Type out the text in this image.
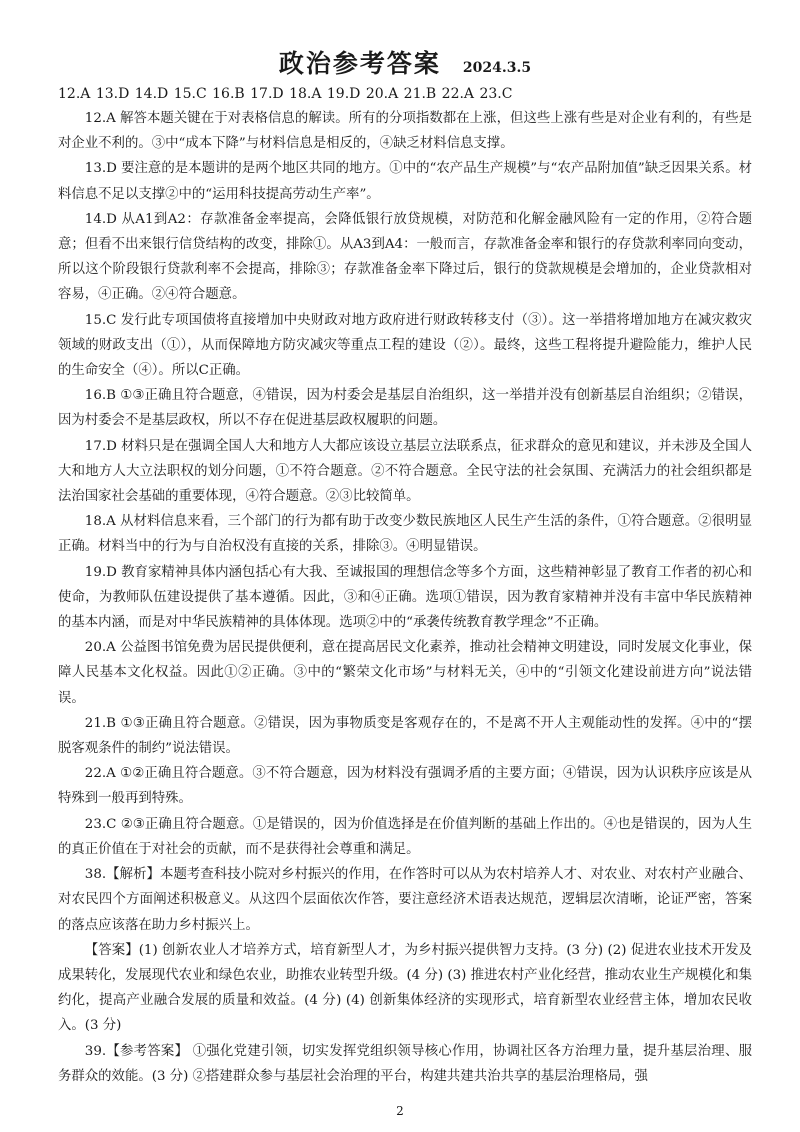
政治参考答案 2024.3.5

12.A 13.D 14.D 15.C 16.B 17.D 18.A 19.D 20.A 21.B 22.A 23.C

12.A 解答本题关键在于对表格信息的解读。所有的分项指数都在上涨，但这些上涨有些是对企业有利的，有些是对企业不利的。③中“成本下降”与材料信息是相反的，④缺乏材料信息支撑。

13.D 要注意的是本题讲的是两个地区共同的地方。①中的“农产品生产规模”与“农产品附加值”缺乏因果关系。材料信息不足以支撑②中的“运用科技提高劳动生产率”。

14.D 从A1到A2：存款准备金率提高，会降低银行放贷规模，对防范和化解金融风险有一定的作用，②符合题意；但看不出来银行信贷结构的改变，排除①。从A3到A4：一般而言，存款准备金率和银行的存贷款利率同向变动，所以这个阶段银行贷款利率不会提高，排除③；存款准备金率下降过后，银行的贷款规模是会增加的，企业贷款相对容易，④正确。②④符合题意。

15.C 发行此专项国债将直接增加中央财政对地方政府进行财政转移支付（③）。这一举措将增加地方在减灾救灾领域的财政支出（①），从而保障地方防灾减灾等重点工程的建设（②）。最终，这些工程将提升避险能力，维护人民的生命安全（④）。所以C正确。

16.B ①③正确且符合题意，④错误，因为村委会是基层自治组织，这一举措并没有创新基层自治组织；②错误，因为村委会不是基层政权，所以不存在促进基层政权履职的问题。

17.D 材料只是在强调全国人大和地方人大都应该设立基层立法联系点，征求群众的意见和建议，并未涉及全国人大和地方人大立法职权的划分问题，①不符合题意。②不符合题意。全民守法的社会氛围、充满活力的社会组织都是法治国家社会基础的重要体现，④符合题意。②③比较简单。

18.A 从材料信息来看，三个部门的行为都有助于改变少数民族地区人民生产生活的条件，①符合题意。②很明显正确。材料当中的行为与自治权没有直接的关系，排除③。④明显错误。

19.D 教育家精神具体内涵包括心有大我、至诚报国的理想信念等多个方面，这些精神彰显了教育工作者的初心和使命，为教师队伍建设提供了基本遵循。因此，③和④正确。选项①错误，因为教育家精神并没有丰富中华民族精神的基本内涵，而是对中华民族精神的具体体现。选项②中的“承袭传统教育教学理念”不正确。

20.A 公益图书馆免费为居民提供便利，意在提高居民文化素养，推动社会精神文明建设，同时发展文化事业，保障人民基本文化权益。因此①②正确。③中的“繁荣文化市场”与材料无关，④中的“引领文化建设前进方向”说法错误。

21.B ①③正确且符合题意。②错误，因为事物质变是客观存在的，不是离不开人主观能动性的发挥。④中的“摆脱客观条件的制约”说法错误。

22.A ①②正确且符合题意。③不符合题意，因为材料没有强调矛盾的主要方面；④错误，因为认识秩序应该是从特殊到一般再到特殊。

23.C ②③正确且符合题意。①是错误的，因为价值选择是在价值判断的基础上作出的。④也是错误的，因为人生的真正价值在于对社会的贡献，而不是获得社会尊重和满足。

38.【解析】本题考查科技小院对乡村振兴的作用，在作答时可以从为农村培养人才、对农业、对农村产业融合、对农民四个方面阐述积极意义。从这四个层面依次作答，要注意经济术语表达规范，逻辑层次清晰，论证严密，答案的落点应该落在助力乡村振兴上。

【答案】(1) 创新农业人才培养方式，培育新型人才，为乡村振兴提供智力支持。(3 分) (2) 促进农业技术开发及成果转化，发展现代农业和绿色农业，助推农业转型升级。(4 分) (3) 推进农村产业化经营，推动农业生产规模化和集约化，提高产业融合发展的质量和效益。(4 分) (4) 创新集体经济的实现形式，培育新型农业经营主体，增加农民收入。(3 分)

39.【参考答案】 ①强化党建引领，切实发挥党组织领导核心作用，协调社区各方治理力量，提升基层治理、服务群众的效能。(3 分) ②搭建群众参与基层社会治理的平台，构建共建共治共享的基层治理格局，强

2
